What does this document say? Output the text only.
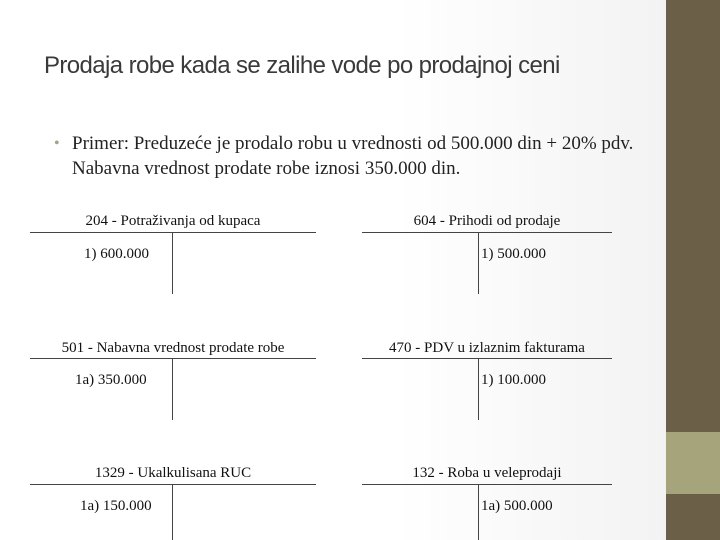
Prodaja robe kada se zalihe vode po prodajnoj ceni
• Primer: Preduzeće je prodalo robu u vrednosti od 500.000 din + 20% pdv. Nabavna vrednost prodate robe iznosi 350.000 din.
204 - Potraživanja od kupaca
1) 600.000
604 - Prihodi od prodaje
1) 500.000
501 - Nabavna vrednost prodate robe
1a) 350.000
470 - PDV u izlaznim fakturama
1) 100.000
1329 - Ukalkulisana RUC
1a) 150.000
132 - Roba u veleprodaji
1a) 500.000
